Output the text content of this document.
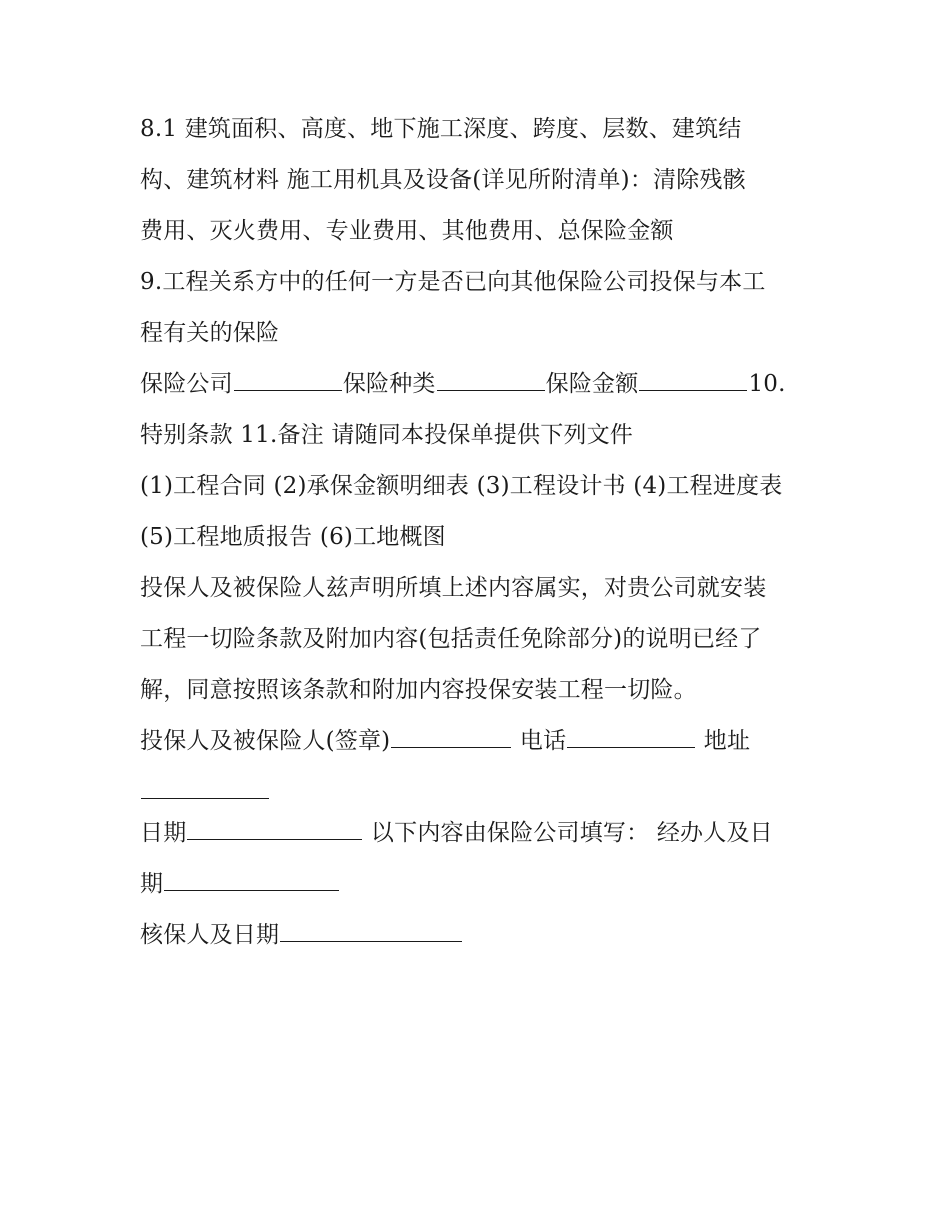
8.1 建筑面积、高度、地下施工深度、跨度、层数、建筑结
构、建筑材料 施工用机具及设备(详见所附清单)：清除残骸
费用、灭火费用、专业费用、其他费用、总保险金额
9.工程关系方中的任何一方是否已向其他保险公司投保与本工
程有关的保险
保险公司	保险种类	保险金额	10.
特别条款 11.备注 请随同本投保单提供下列文件
(1)工程合同 (2)承保金额明细表 (3)工程设计书 (4)工程进度表
(5)工程地质报告 (6)工地概图
投保人及被保险人兹声明所填上述内容属实，对贵公司就安装
工程一切险条款及附加内容(包括责任免除部分)的说明已经了
解，同意按照该条款和附加内容投保安装工程一切险。
投保人及被保险人(签章)	电话	地址
日期	以下内容由保险公司填写： 经办人及日
期
核保人及日期
